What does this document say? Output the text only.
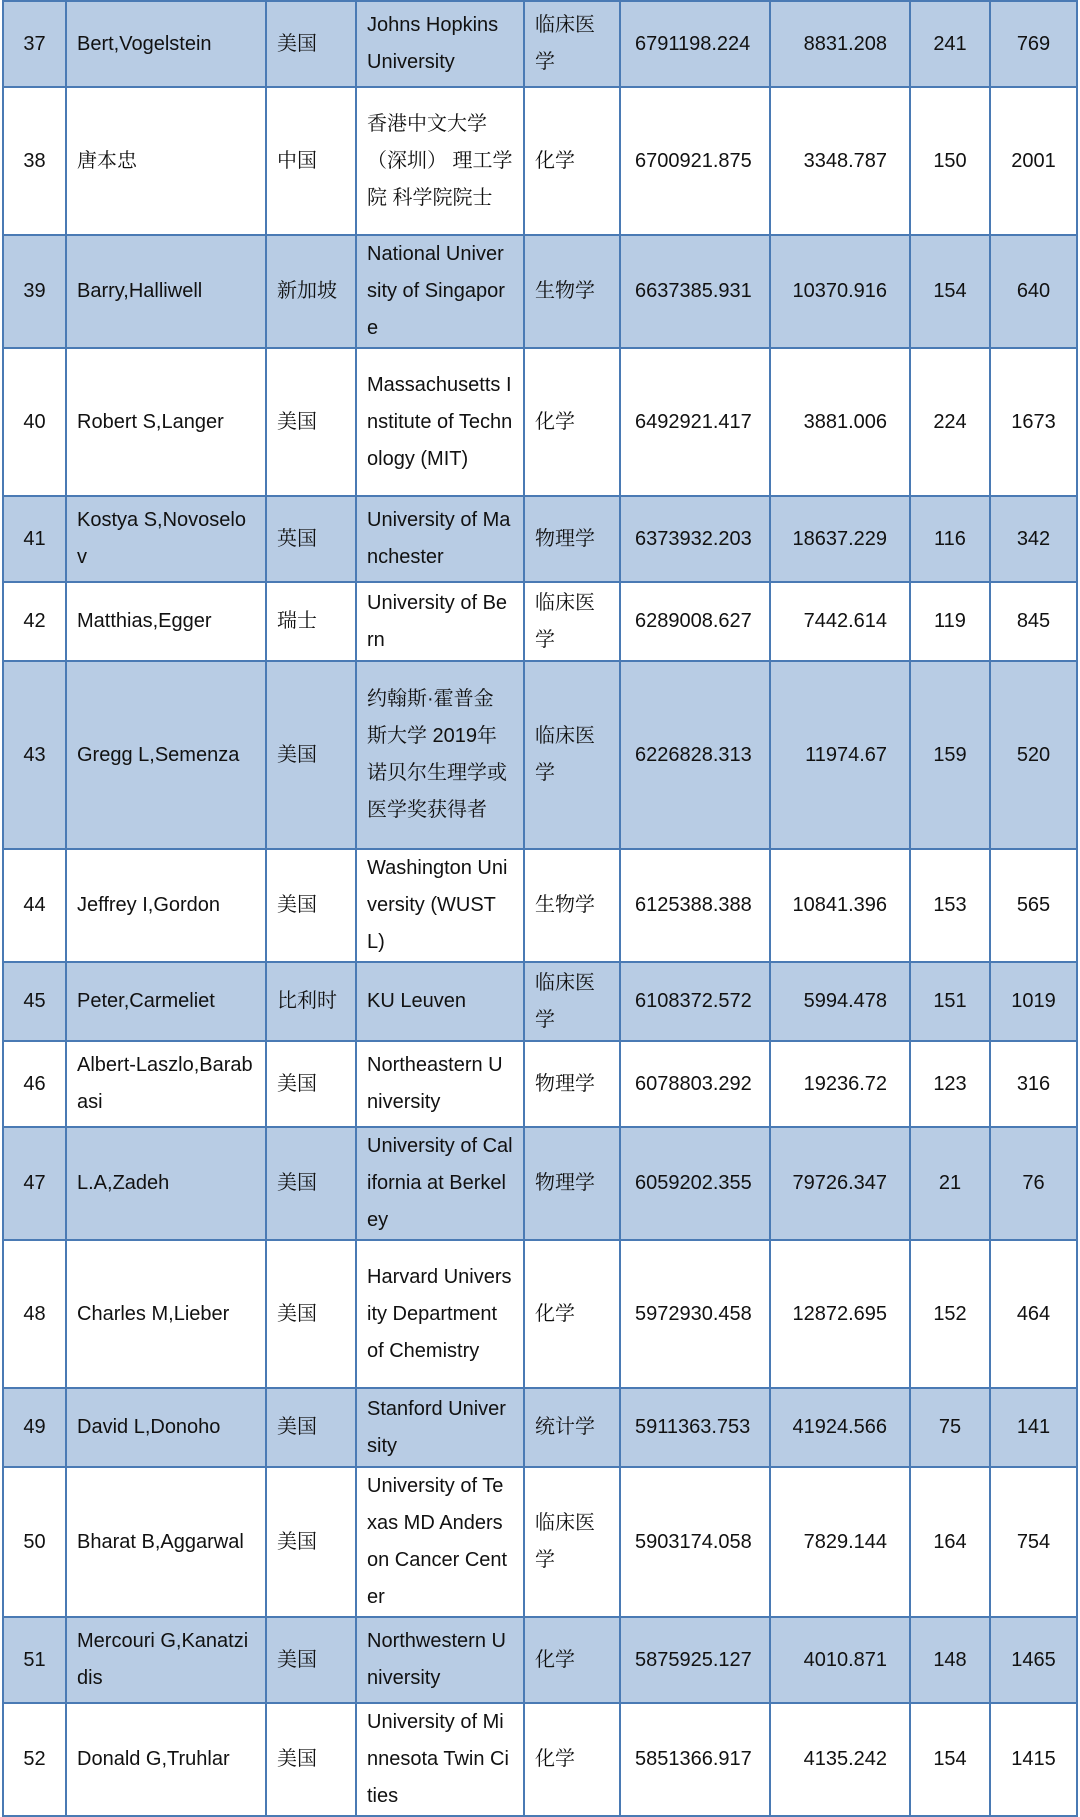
37	Bert,Vogelstein	美国	Johns Hopkins University	临床医学	6791198.224	8831.208	241	769
38	唐本忠	中国	香港中文大学（深圳） 理工学院 科学院院士	化学	6700921.875	3348.787	150	2001
39	Barry,Halliwell	新加坡	National University of Singapore	生物学	6637385.931	10370.916	154	640
40	Robert S,Langer	美国	Massachusetts Institute of Technology (MIT)	化学	6492921.417	3881.006	224	1673
41	Kostya S,Novoselov	英国	University of Manchester	物理学	6373932.203	18637.229	116	342
42	Matthias,Egger	瑞士	University of Bern	临床医学	6289008.627	7442.614	119	845
43	Gregg L,Semenza	美国	约翰斯·霍普金斯大学 2019年诺贝尔生理学或医学奖获得者	临床医学	6226828.313	11974.67	159	520
44	Jeffrey I,Gordon	美国	Washington University (WUSTL)	生物学	6125388.388	10841.396	153	565
45	Peter,Carmeliet	比利时	KU Leuven	临床医学	6108372.572	5994.478	151	1019
46	Albert-Laszlo,Barabasi	美国	Northeastern University	物理学	6078803.292	19236.72	123	316
47	L.A,Zadeh	美国	University of California at Berkeley	物理学	6059202.355	79726.347	21	76
48	Charles M,Lieber	美国	Harvard University Department of Chemistry	化学	5972930.458	12872.695	152	464
49	David L,Donoho	美国	Stanford University	统计学	5911363.753	41924.566	75	141
50	Bharat B,Aggarwal	美国	University of Texas MD Anderson Cancer Center	临床医学	5903174.058	7829.144	164	754
51	Mercouri G,Kanatzidis	美国	Northwestern University	化学	5875925.127	4010.871	148	1465
52	Donald G,Truhlar	美国	University of Minnesota Twin Cities	化学	5851366.917	4135.242	154	1415
